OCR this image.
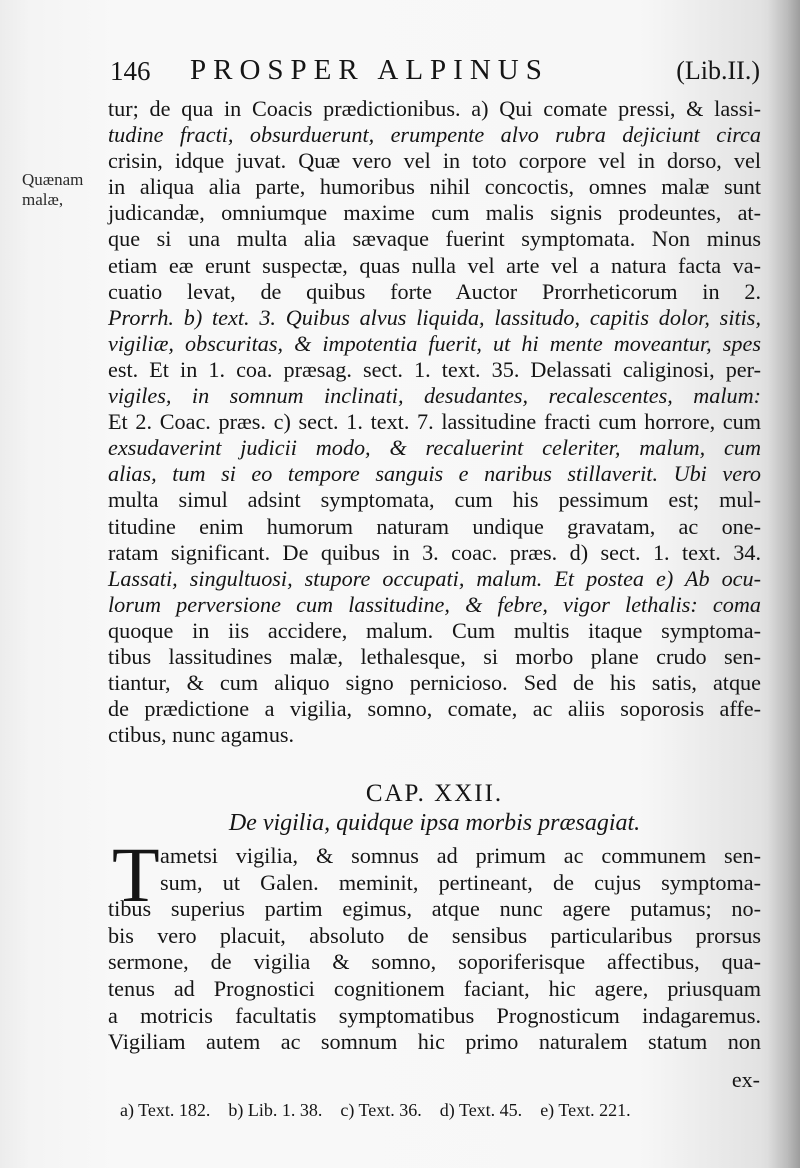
146 PROSPER ALPINUS	(Lib.II.)
Quænam
malæ,
tur; de qua in Coacis prædictionibus. a) Qui comate pressi, & lassi-
tudine fracti, obsurduerunt, erumpente alvo rubra dejiciunt circa
crisin, idque juvat. Quæ vero vel in toto corpore vel in dorso, vel
in aliqua alia parte, humoribus nihil concoctis, omnes malæ sunt
judicandæ, omniumque maxime cum malis signis prodeuntes, at-
que si una multa alia sævaque fuerint symptomata. Non minus
etiam eæ erunt suspectæ, quas nulla vel arte vel a natura facta va-
cuatio levat, de quibus forte Auctor Prorrheticorum in 2.
Prorrh. b) text. 3. Quibus alvus liquida, lassitudo, capitis dolor, sitis,
vigiliæ, obscuritas, & impotentia fuerit, ut hi mente moveantur, spes
est. Et in 1. coa. præsag. sect. 1. text. 35. Delassati caliginosi, per-
vigiles, in somnum inclinati, desudantes, recalescentes, malum:
Et 2. Coac. præs. c) sect. 1. text. 7. lassitudine fracti cum horrore, cum
exsudaverint judicii modo, & recaluerint celeriter, malum, cum
alias, tum si eo tempore sanguis e naribus stillaverit. Ubi vero
multa simul adsint symptomata, cum his pessimum est; mul-
titudine enim humorum naturam undique gravatam, ac one-
ratam significant. De quibus in 3. coac. præs. d) sect. 1. text. 34.
Lassati, singultuosi, stupore occupati, malum. Et postea e) Ab ocu-
lorum perversione cum lassitudine, & febre, vigor lethalis: coma
quoque in iis accidere, malum. Cum multis itaque symptoma-
tibus lassitudines malæ, lethalesque, si morbo plane crudo sen-
tiantur, & cum aliquo signo pernicioso. Sed de his satis, atque
de prædictione a vigilia, somno, comate, ac aliis soporosis affe-
ctibus, nunc agamus.
CAP. XXII.
De vigilia, quidque ipsa morbis præsagiat.
T ametsi vigilia, & somnus ad primum ac communem sen-
sum, ut Galen. meminit, pertineant, de cujus symptoma-
tibus superius partim egimus, atque nunc agere putamus; no-
bis vero placuit, absoluto de sensibus particularibus prorsus
sermone, de vigilia & somno, soporiferisque affectibus, qua-
tenus ad Prognostici cognitionem faciant, hic agere, priusquam
a motricis facultatis symptomatibus Prognosticum indagaremus.
Vigiliam autem ac somnum hic primo naturalem statum non
ex-
a) Text. 182. b) Lib. 1. 38. c) Text. 36. d) Text. 45. e) Text. 221.
